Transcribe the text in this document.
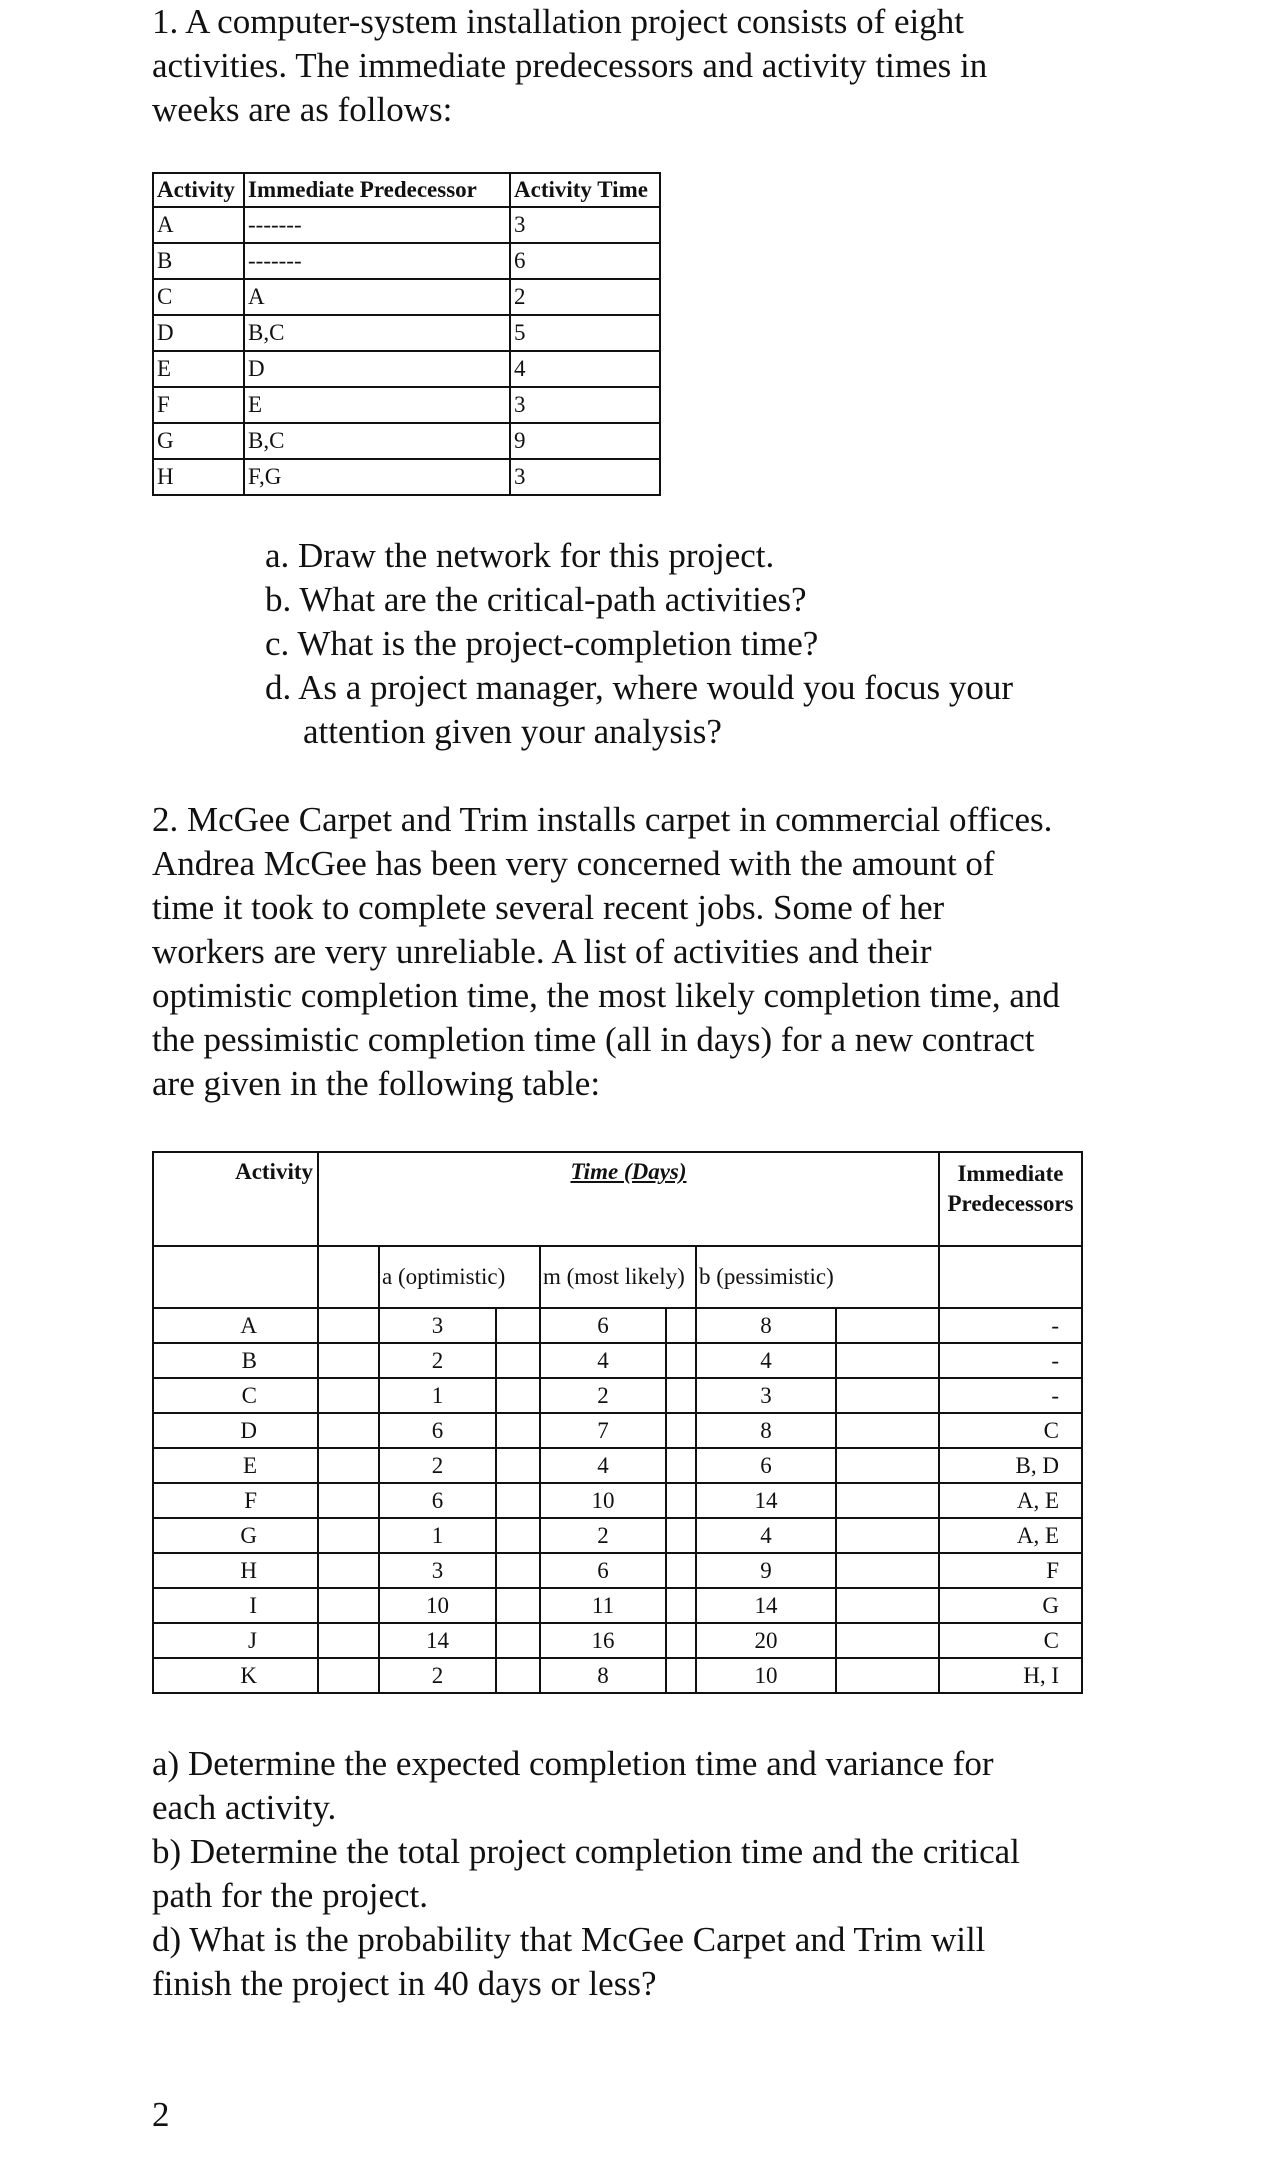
1. A computer-system installation project consists of eight
activities. The immediate predecessors and activity times in
weeks are as follows:
Activity	Immediate Predecessor	Activity Time
A	-------	3
B	-------	6
C	A	2
D	B,C	5
E	D	4
F	E	3
G	B,C	9
H	F,G	3
a. Draw the network for this project.
b. What are the critical-path activities?
c. What is the project-completion time?
d. As a project manager, where would you focus your
attention given your analysis?
2. McGee Carpet and Trim installs carpet in commercial offices.
Andrea McGee has been very concerned with the amount of
time it took to complete several recent jobs. Some of her
workers are very unreliable. A list of activities and their
optimistic completion time, the most likely completion time, and
the pessimistic completion time (all in days) for a new contract
are given in the following table:
Activity	Time (Days)							Immediate
Predecessors

		a (optimistic)		m (most likely)		b (pessimistic)		
A		3		6		8		-
B		2		4		4		-
C		1		2		3		-
D		6		7		8		C
E		2		4		6		B, D
F		6		10		14		A, E
G		1		2		4		A, E
H		3		6		9		F
I		10		11		14		G
J		14		16		20		C
K		2		8		10		H, I
a) Determine the expected completion time and variance for
each activity.
b) Determine the total project completion time and the critical
path for the project.
d) What is the probability that McGee Carpet and Trim will
finish the project in 40 days or less?
2
